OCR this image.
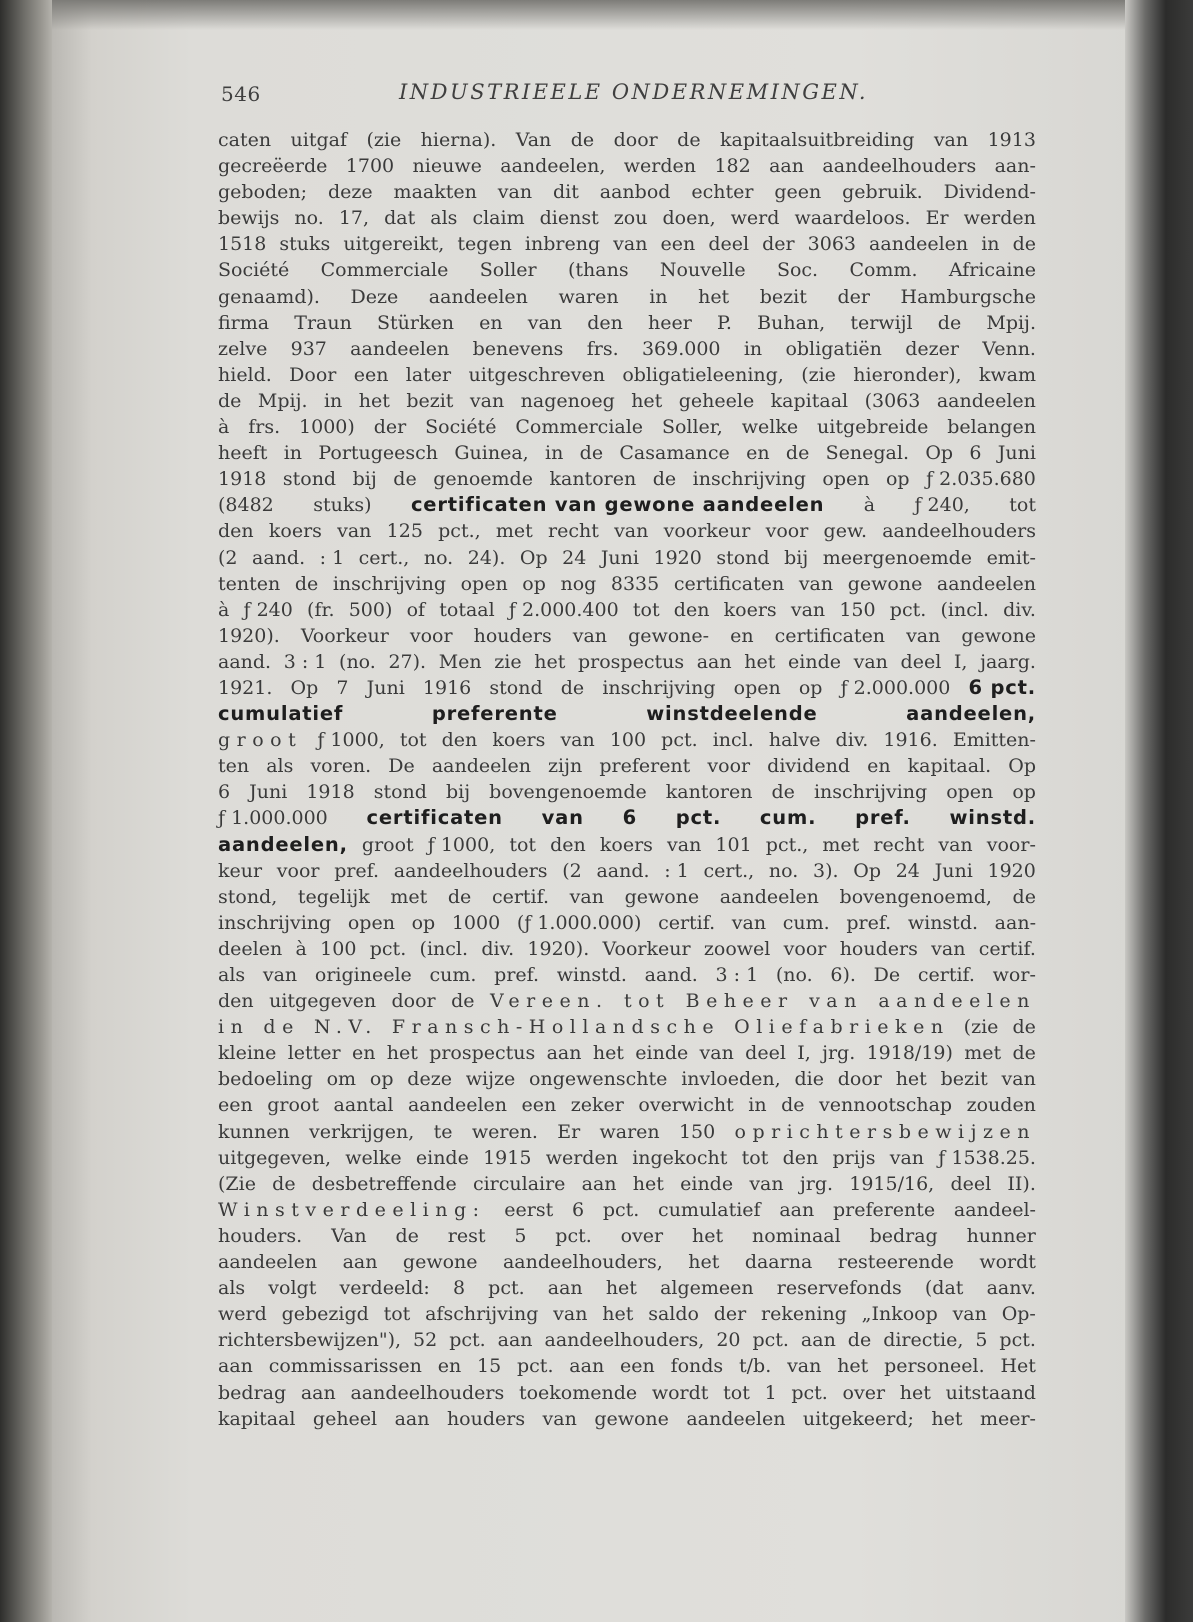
546	INDUSTRIEELE ONDERNEMINGEN.
caten uitgaf (zie hierna). Van de door de kapitaalsuitbreiding van 1913
gecreëerde 1700 nieuwe aandeelen, werden 182 aan aandeelhouders aan-
geboden; deze maakten van dit aanbod echter geen gebruik. Dividend-
bewijs no. 17, dat als claim dienst zou doen, werd waardeloos. Er werden
1518 stuks uitgereikt, tegen inbreng van een deel der 3063 aandeelen in de
Société Commerciale Soller (thans Nouvelle Soc. Comm. Africaine
genaamd). Deze aandeelen waren in het bezit der Hamburgsche
firma Traun Stürken en van den heer P. Buhan, terwijl de Mpij.
zelve 937 aandeelen benevens frs. 369.000 in obligatiën dezer Venn.
hield. Door een later uitgeschreven obligatieleening, (zie hieronder), kwam
de Mpij. in het bezit van nagenoeg het geheele kapitaal (3063 aandeelen
à frs. 1000) der Société Commerciale Soller, welke uitgebreide belangen
heeft in Portugeesch Guinea, in de Casamance en de Senegal. Op 6 Juni
1918 stond bij de genoemde kantoren de inschrijving open op ƒ 2.035.680
(8482 stuks) certificaten van gewone aandeelen à ƒ 240, tot
den koers van 125 pct., met recht van voorkeur voor gew. aandeelhouders
(2 aand. : 1 cert., no. 24). Op 24 Juni 1920 stond bij meergenoemde emit-
tenten de inschrijving open op nog 8335 certificaten van gewone aandeelen
à ƒ 240 (fr. 500) of totaal ƒ 2.000.400 tot den koers van 150 pct. (incl. div.
1920). Voorkeur voor houders van gewone- en certificaten van gewone
aand. 3 : 1 (no. 27). Men zie het prospectus aan het einde van deel I, jaarg.
1921. Op 7 Juni 1916 stond de inschrijving open op ƒ 2.000.000 6 pct.
cumulatief	preferente	winstdeelende	aandeelen,
groot ƒ 1000, tot den koers van 100 pct. incl. halve div. 1916. Emitten-
ten als voren. De aandeelen zijn preferent voor dividend en kapitaal. Op
6 Juni 1918 stond bij bovengenoemde kantoren de inschrijving open op
ƒ 1.000.000 certificaten van 6 pct. cum. pref. winstd.
aandeelen, groot ƒ 1000, tot den koers van 101 pct., met recht van voor-
keur voor pref. aandeelhouders (2 aand. : 1 cert., no. 3). Op 24 Juni 1920
stond, tegelijk met de certif. van gewone aandeelen bovengenoemd, de
inschrijving open op 1000 (ƒ 1.000.000) certif. van cum. pref. winstd. aan-
deelen à 100 pct. (incl. div. 1920). Voorkeur zoowel voor houders van certif.
als van origineele cum. pref. winstd. aand. 3 : 1 (no. 6). De certif. wor-
den uitgegeven door de Vereen. tot Beheer van aandeelen
in de N.V. Fransch-Hollandsche Oliefabrieken (zie de
kleine letter en het prospectus aan het einde van deel I, jrg. 1918/19) met de
bedoeling om op deze wijze ongewenschte invloeden, die door het bezit van
een groot aantal aandeelen een zeker overwicht in de vennootschap zouden
kunnen verkrijgen, te weren. Er waren 150 oprichtersbewijzen
uitgegeven, welke einde 1915 werden ingekocht tot den prijs van ƒ 1538.25.
(Zie de desbetreffende circulaire aan het einde van jrg. 1915/16, deel II).
Winstverdeeling: eerst 6 pct. cumulatief aan preferente aandeel-
houders. Van de rest 5 pct. over het nominaal bedrag hunner
aandeelen aan gewone aandeelhouders, het daarna resteerende wordt
als volgt verdeeld: 8 pct. aan het algemeen reservefonds (dat aanv.
werd gebezigd tot afschrijving van het saldo der rekening „Inkoop van Op-
richtersbewijzen"), 52 pct. aan aandeelhouders, 20 pct. aan de directie, 5 pct.
aan commissarissen en 15 pct. aan een fonds t/b. van het personeel. Het
bedrag aan aandeelhouders toekomende wordt tot 1 pct. over het uitstaand
kapitaal geheel aan houders van gewone aandeelen uitgekeerd; het meer-
